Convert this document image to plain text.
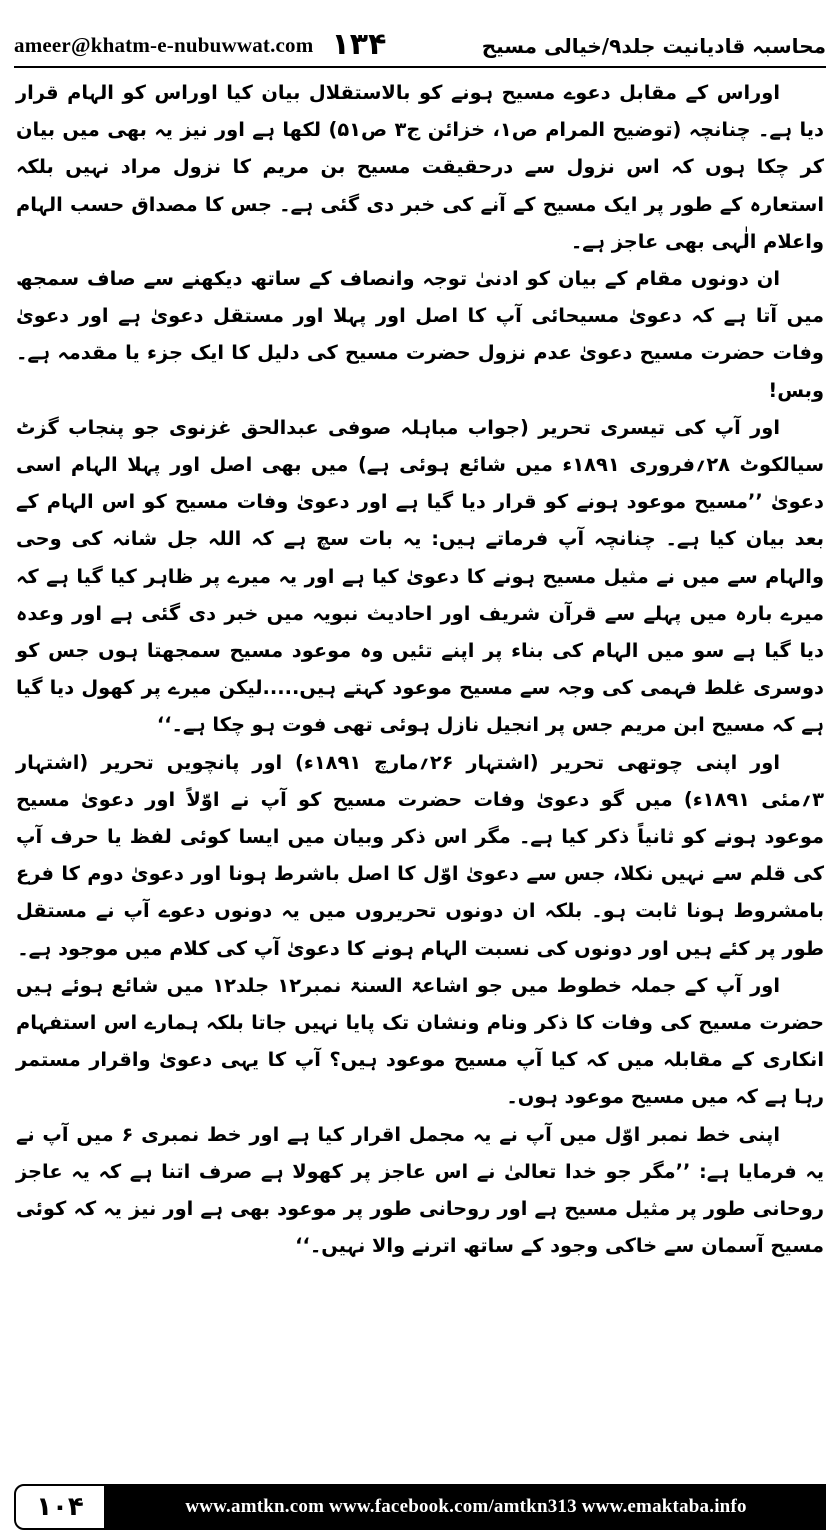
ameer@khatm-e-nubuwwat.com ۱۳۴	محاسبہ قادیانیت جلد۹/خیالی مسیح

اوراس کے مقابل دعوے مسیح ہونے کو بالاستقلال بیان کیا اوراس کو الہام قرار دیا ہے۔ چنانچہ (توضیح المرام ص۱، خزائن ج۳ ص۵۱) لکھا ہے اور نیز یہ بھی میں بیان کر چکا ہوں کہ اس نزول سے درحقیقت مسیح بن مریم کا نزول مراد نہیں بلکہ استعارہ کے طور پر ایک مسیح کے آنے کی خبر دی گئی ہے۔ جس کا مصداق حسب الہام واعلام الٰہی بھی عاجز ہے۔

ان دونوں مقام کے بیان کو ادنیٰ توجہ وانصاف کے ساتھ دیکھنے سے صاف سمجھ میں آتا ہے کہ دعویٰ مسیحائی آپ کا اصل اور پہلا اور مستقل دعویٰ ہے اور دعویٰ وفات حضرت مسیح دعویٰ عدم نزول حضرت مسیح کی دلیل کا ایک جزء یا مقدمہ ہے۔ وبس!

اور آپ کی تیسری تحریر (جواب مباہلہ صوفی عبدالحق غزنوی جو پنجاب گزٹ سیالکوٹ ۲۸؍فروری ۱۸۹۱ء میں شائع ہوئی ہے) میں بھی اصل اور پہلا الہام اسی دعویٰ ’’مسیح موعود ہونے کو قرار دیا گیا ہے اور دعویٰ وفات مسیح کو اس الہام کے بعد بیان کیا ہے۔ چنانچہ آپ فرماتے ہیں: یہ بات سچ ہے کہ اللہ جل شانہ کی وحی والہام سے میں نے مثیل مسیح ہونے کا دعویٰ کیا ہے اور یہ میرے پر ظاہر کیا گیا ہے کہ میرے بارہ میں پہلے سے قرآن شریف اور احادیث نبویہ میں خبر دی گئی ہے اور وعدہ دیا گیا ہے سو میں الہام کی بناء پر اپنے تئیں وہ موعود مسیح سمجھتا ہوں جس کو دوسری غلط فہمی کی وجہ سے مسیح موعود کہتے ہیں.....لیکن میرے پر کھول دیا گیا ہے کہ مسیح ابن مریم جس پر انجیل نازل ہوئی تھی فوت ہو چکا ہے۔‘‘

اور اپنی چوتھی تحریر (اشتہار ۲۶؍مارچ ۱۸۹۱ء) اور پانچویں تحریر (اشتہار ۳؍مئی ۱۸۹۱ء) میں گو دعویٰ وفات حضرت مسیح کو آپ نے اوّلاً اور دعویٰ مسیح موعود ہونے کو ثانیاً ذکر کیا ہے۔ مگر اس ذکر وبیان میں ایسا کوئی لفظ یا حرف آپ کی قلم سے نہیں نکلا، جس سے دعویٰ اوّل کا اصل باشرط ہونا اور دعویٰ دوم کا فرع بامشروط ہونا ثابت ہو۔ بلکہ ان دونوں تحریروں میں یہ دونوں دعوے آپ نے مستقل طور پر کئے ہیں اور دونوں کی نسبت الہام ہونے کا دعویٰ آپ کی کلام میں موجود ہے۔

اور آپ کے جملہ خطوط میں جو اشاعۃ السنۃ نمبر۱۲ جلد۱۲ میں شائع ہوئے ہیں حضرت مسیح کی وفات کا ذکر ونام ونشان تک پایا نہیں جاتا بلکہ ہمارے اس استفہام انکاری کے مقابلہ میں کہ کیا آپ مسیح موعود ہیں؟ آپ کا یہی دعویٰ واقرار مستمر رہا ہے کہ میں مسیح موعود ہوں۔

اپنی خط نمبر اوّل میں آپ نے یہ مجمل اقرار کیا ہے اور خط نمبری ۶ میں آپ نے یہ فرمایا ہے: ’’مگر جو خدا تعالیٰ نے اس عاجز پر کھولا ہے صرف اتنا ہے کہ یہ عاجز روحانی طور پر مثیل مسیح ہے اور روحانی طور پر موعود بھی ہے اور نیز یہ کہ کوئی مسیح آسمان سے خاکی وجود کے ساتھ اترنے والا نہیں۔‘‘

۱۰۴	www.amtkn.com www.facebook.com/amtkn313 www.emaktaba.info
